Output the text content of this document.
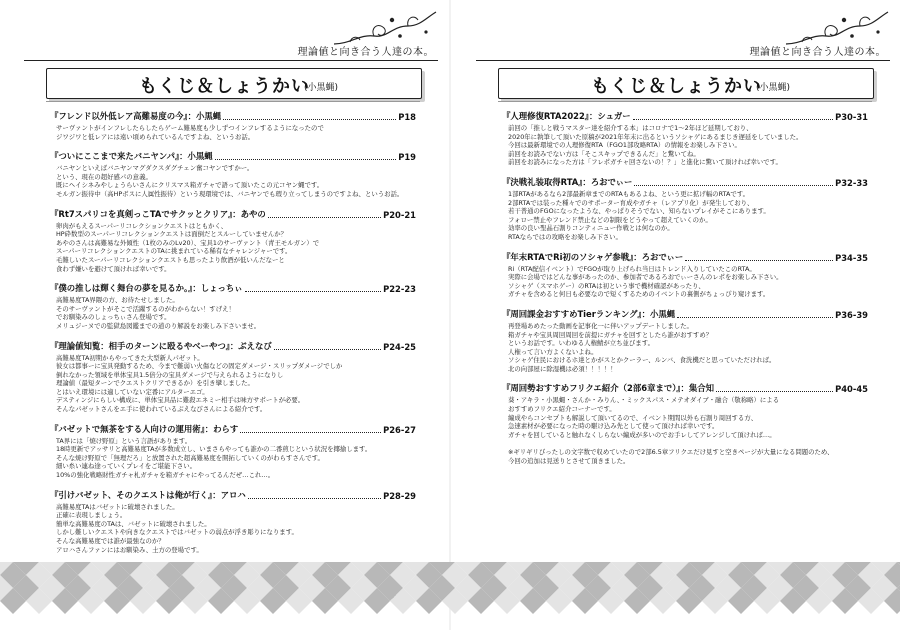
理論値と向き合う人達の本。
もくじ＆しょうかい
(小黒蝿)
『フレンド以外低レア高難易度の今』：小黒蝿	P18
サーヴァントがインフレしたらしたらゲーム難易度も少しずつインフレするようになったので
ジワジワと低レアには遠い頃められているんですよね、というお話。
『ついにここまで来たバニヤンパ』：小黒蝿	P19
バニヤンといえばバニヤンマグダクスダグチェン奮コヤンですかー。
という、現在の超好感パの意義。
既にヘイシネみやしょうらいさんにクリスマス箱ガチャで語って頂いたこの元コヤン蝿です。
モルガン振待中（高HPボスに人属性振待）という現環境では、バニヤンでも瑕り立ってしまうのですよね、というお話。
『Rt7スパリコを真剣っこTAでサクッとクリア』：あやの	P20-21
卵肉がもえるスーパーリコレクションクエストはともかく、
HP砕数型のスーパーリコレクションクエストは面倒だとスルーしていませんか？
あやのさんは高難易な外傾性（1枚のみのLv20）、宝具1のサーヴァント（青王モルガン）で
スーパーリコレクションクエストのTAに挑まれている稀有なチャレンジャーです。
毛難しいたスーパーリコレクションクエストも思ったより飲酒が低いんだなーと
食わず嫌いを避けて頂ければ幸いです。
『僕の推しは輝く舞台の夢を見るか。』：しょっちぃ	P22-23
高難易度TA界隈の方、お待たせしました。
そのサーヴァントがそこで活躍するのがわからない！すげえ！
でお馴染みのしょっちぃさん登場です。
メリュジーヌでの監獄島図鑑までの道のり解説をお楽しみ下さいませ。
『理論値知覧：相手のターンに殴るやべーやつ』：ぶえなび	P24-25
高難易度TA初期からやってきた大型新人パゼット。
彼女は都事ーに宝具発動するため、今まで難弱い火傷などの固定ダメージ・スリップダメージでしか
倒れなかった領域を単体宝具1.5倍分の宝具ダメージで与えられるようになりし
理論値（最短ターンでクエストクリアできるか）を引き攣しました。
とはいえ環境には適していない定番にアルターエゴ。
デスティンジにらしい構成に、単体宝具品に難殺エネミー相手は味方サポートが必要。
そんなパゼットさんをエ手に使われているぶえなびさんによる紹介です。
『バゼットで無茶をする人向けの運用術』：わらす	P26-27
TA界には「焼け野原」という言語があります。
18時更新でアッサリと高難易度TAが多数成立し、いまさらやっても誰かの二番煎じという状況を揶揄します。
そんな焼け野原で「無理だろ」と放置された超高難易度を開拓していくのがわらすさんです。
細い糸い連ね途っていくプレイをご堪能下さい。
10%の強化戦略財性ガチャ札ガチャを箱ガチャにやってるんだぜ…これ…。
『引けバゼット、そのクエストは俺が行く』：アロハ	P28-29
高難易度TAはバゼットに破壊されました。
正確に表現しましょう。
簡単な高難易度のTAは、バゼットに破壊されました。
しかし難しいクエストや向きなクエストではバゼットの弱点が浮き彫りになります。
そんな高難易度では誰が最強なのか？
アロハさんファンにはお馴染み、土方の登場です。
理論値と向き合う人達の本。
もくじ＆しょうかい
(小黒蝿)
『人理修復RTA2022』：シュガー	P30-31
前回の「推しと戦うマスター達を紹介する本」はコロナで1〜2年ほど延期しており、
2020年に執筆して頂いた原稿が2021年年末に出るというソシャゲにあるまじき遅延をしていました。
今回は最新環境での人理修復RTA（FGO1部攻略RTA）の情報をお楽しみ下さい。
前回をお読みでない方は「そこスキップできるんだ」と驚いてね。
前回をお読みになった方は「フレポガチャ回さないの！？」と進化に驚いて頂ければ幸いです。
『決戦礼装取得RTA』：ろおでぃー	P32-33
1部RTAがあるなら2部最新章までのRTAもあるよね、という更に拡げ幅のRTAです。
2部RTAでは装った種々でのサポーター育成やガチャ（レアプリ化）が発生しており、
若干普通のFGOになったような、やっぱりそうでない、知らないプレイがそこにあります。
フォロー禁止やフレンド禁止などの制限をどうやって超えていくのか。
効率の良い聖晶石割りコンティニュー作戦とは何なのか。
RTAならではの攻略をお楽しみ下さい。
『年末RTAでRi初のソシャゲ参戦』：ろおでぃー	P34-35
Ri（RTA配信イベント）でFGOが取り上げられ当日はトレンド入りしていたこのRTA。
実際に会場ではどんな事があったのか、参加者であるろおでぃーさんのレポをお楽しみ下さい。
ソシャゲ（スマホゲー）のRTAは初という事で機材確認があったり、
ガチャを含めると何日も必要なので短くするためのイベントの裏側がちょっぴり窺けます。
『周回課金おすすめTierランキング』：小黒蝿	P36-39
再登場あめたった動画を記事化一に伴いアップデートしました。
箱ガチャや宝具周回周回を前提にガチャを回すとしたら誰がおすすめ？
というお話です。いわゆる人権鯖が立ち並びます。
人権って言い方よくないよね。
ソシャゲ住民におけるホ達とかがスとかクーラー、ルンバ、食洗機だと思っていただければ。
北の向部屋に除湿機は必須！！！！！
『周回勢おすすめフリクエ紹介（2部6章まで）』：集合知	P40-45
葵・アキラ・小黒蝿・さんか・みりん、・ミックスパス・メテオダイブ・融合（敬称略）による
おすすめフリクエ紹介コーナーです。
編成やらコンセプトも解説して頂いてるので、イベント期間以外も石割り周回する方、
急速素材が必要になった時の駆け込み先として使って頂ければ幸いです。
ガチャを回していると触れなくしらない編成が多いのでお手レしてアレンジして頂ければ…。
※ギリギリびったしの文字数で収めていたので2部6.5章フリクエだけ見すと空きページが大量になる問題のため、
今回の追加は見送りとさせて頂きました。
